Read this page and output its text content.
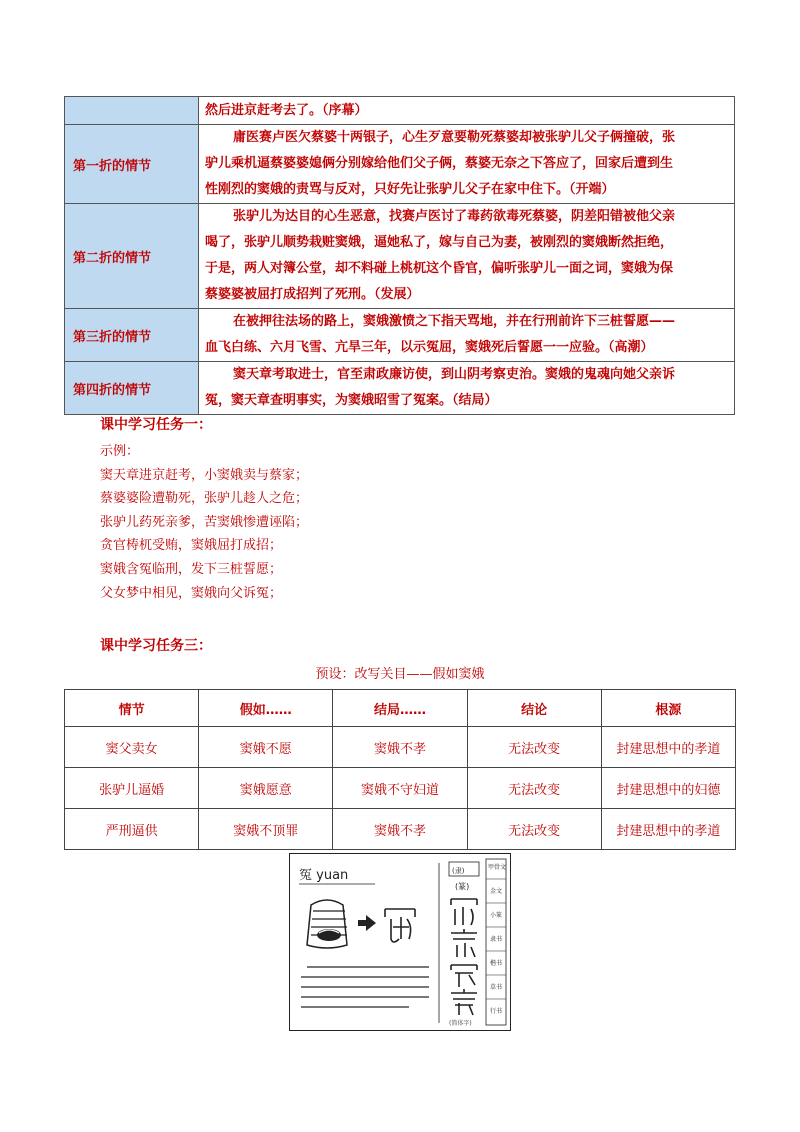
	然后进京赶考去了。（序幕）
第一折的情节	庸医赛卢医欠蔡婆十两银子，心生歹意要勒死蔡婆却被张驴儿父子俩撞破，张
驴儿乘机逼蔡婆婆媳俩分别嫁给他们父子俩，蔡婆无奈之下答应了，回家后遭到生
性刚烈的窦娥的责骂与反对，只好先让张驴儿父子在家中住下。（开端）

第二折的情节	张驴儿为达目的心生恶意，找赛卢医讨了毒药欲毒死蔡婆，阴差阳错被他父亲
喝了，张驴儿顺势栽赃窦娥，逼她私了，嫁与自己为妻，被刚烈的窦娥断然拒绝，
于是，两人对簿公堂，却不料碰上桃杌这个昏官，偏听张驴儿一面之词，窦娥为保
蔡婆婆被屈打成招判了死刑。（发展）

第三折的情节	在被押往法场的路上，窦娥激愤之下指天骂地，并在行刑前许下三桩誓愿——
血飞白练、六月飞雪、亢旱三年，以示冤屈，窦娥死后誓愿一一应验。（高潮）

第四折的情节	窦天章考取进士，官至肃政廉访使，到山阴考察吏治。窦娥的鬼魂向她父亲诉
冤，窦天章查明事实，为窦娥昭雪了冤案。（结局）
课中学习任务一：
示例：
窦天章进京赶考，小窦娥卖与蔡家；
蔡婆婆险遭勒死，张驴儿趁人之危；
张驴儿药死亲爹，苦窦娥惨遭诬陷；
贪官梼杌受贿，窦娥屈打成招；
窦娥含冤临刑，发下三桩誓愿；
父女梦中相见，窦娥向父诉冤；
课中学习任务三：
预设：改写关目——假如窦娥
情节	假如……	结局……	结论	根源
窦父卖女	窦娥不愿	窦娥不孝	无法改变	封建思想中的孝道
张驴儿逼婚	窦娥愿意	窦娥不守妇道	无法改变	封建思想中的妇德
严刑逼供	窦娥不顶罪	窦娥不孝	无法改变	封建思想中的孝道
冤 yuan	(隶)
(篆)
(简体字)
甲骨文
金文
小篆
隶书
楷书
草书
行书
